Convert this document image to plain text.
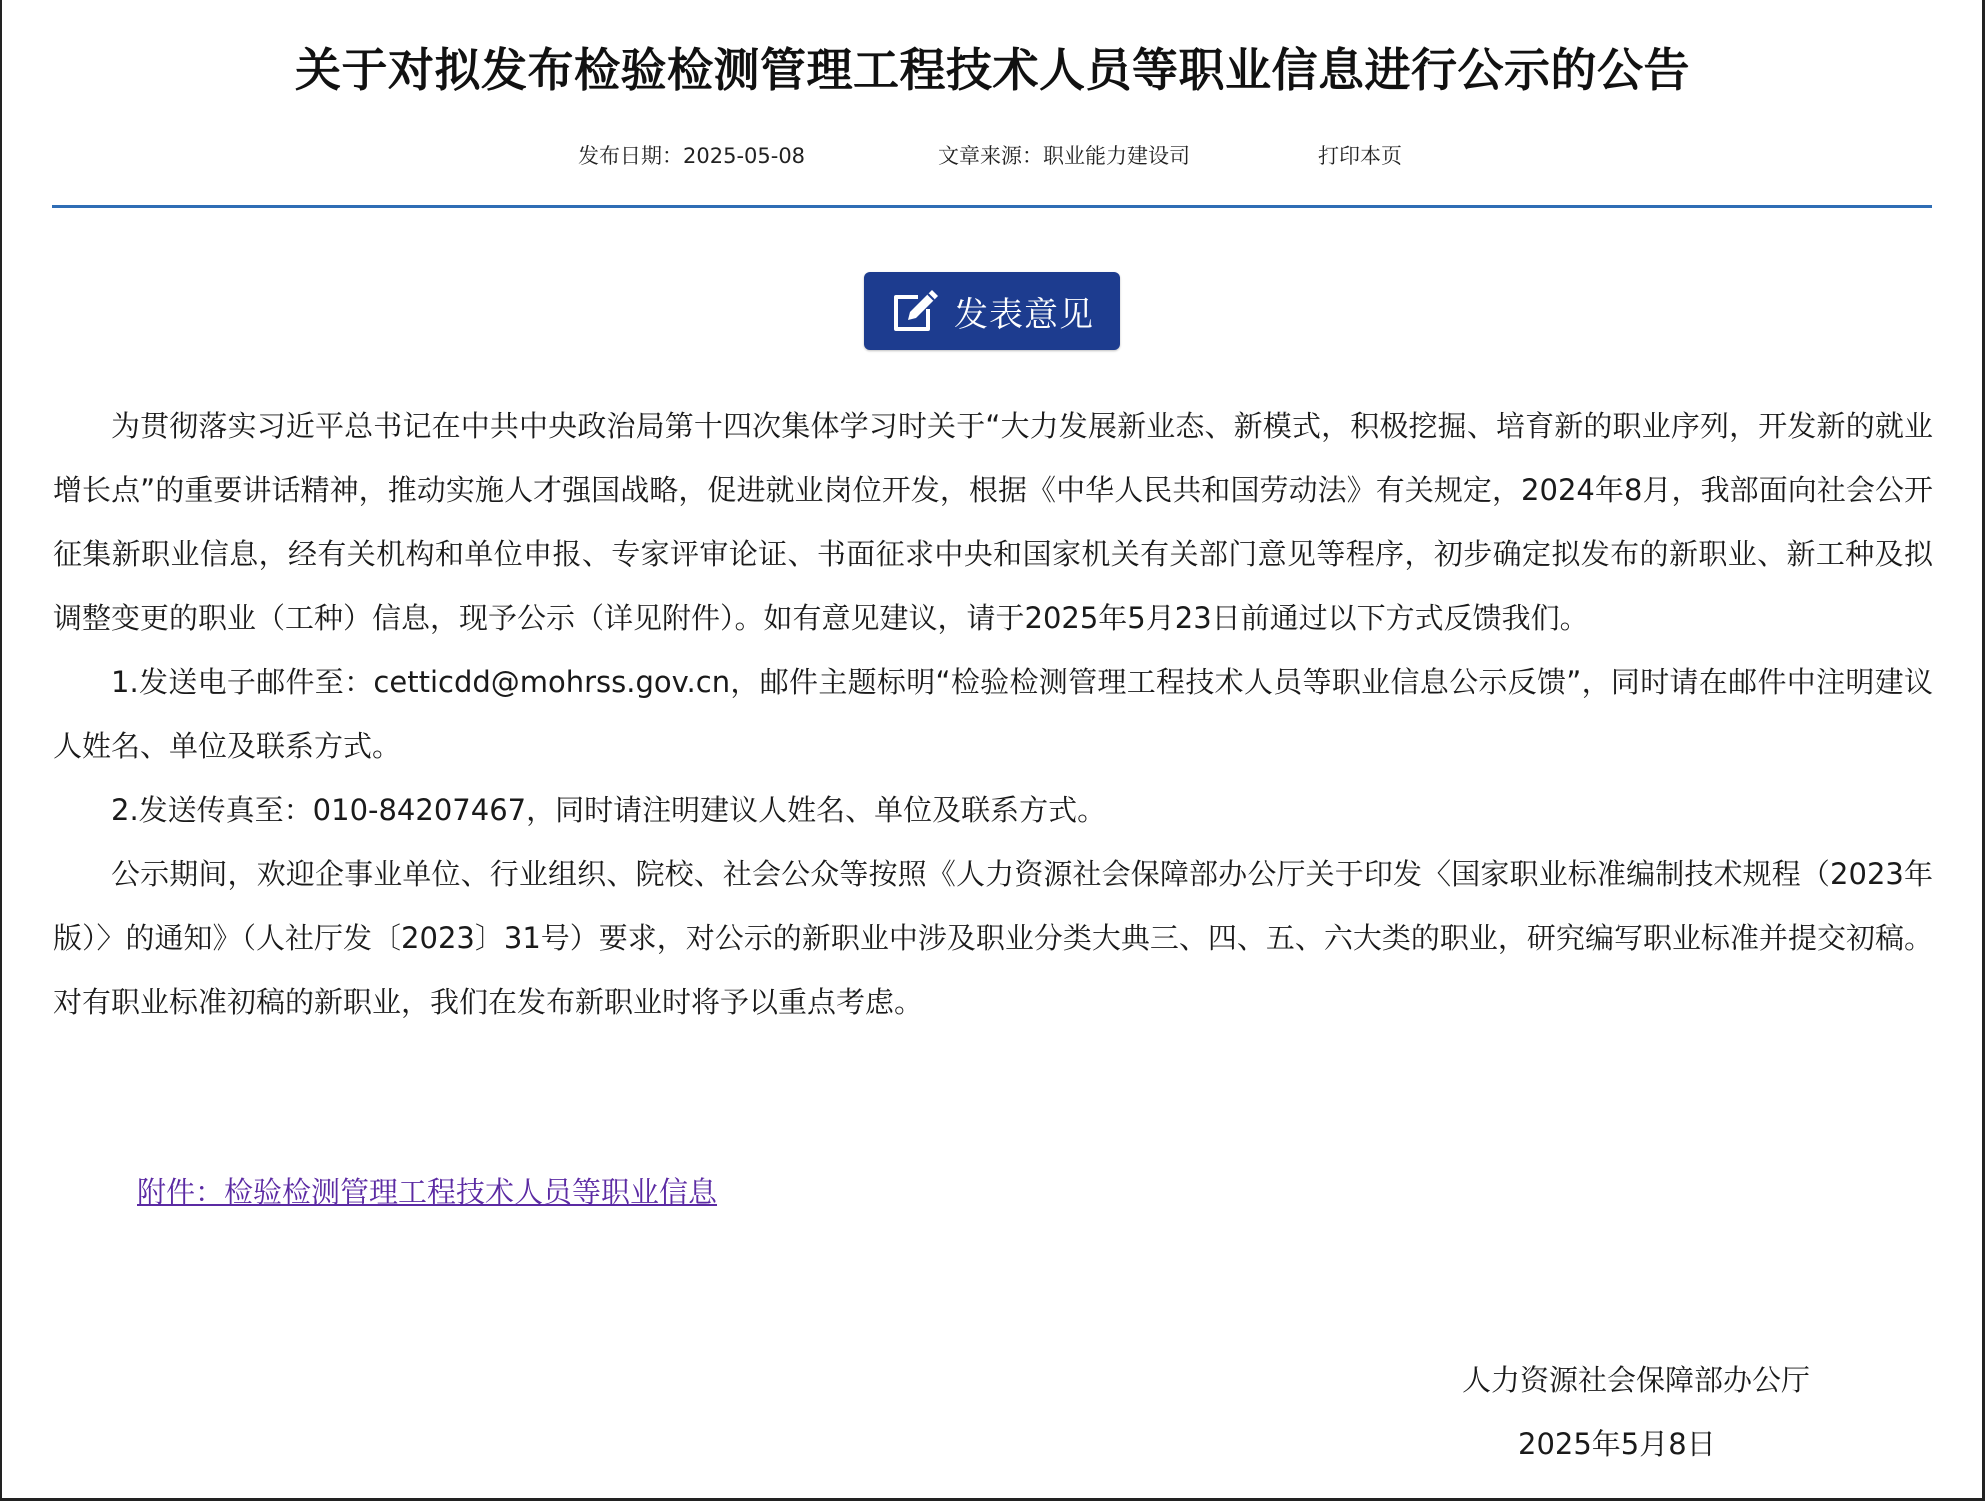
关于对拟发布检验检测管理工程技术人员等职业信息进行公示的公告
发布日期：2025-05-08	文章来源：职业能力建设司	打印本页
发表意见

为贯彻落实习近平总书记在中共中央政治局第十四次集体学习时关于“大力发展新业态、新模式，积极挖掘、培育新的职业序列，开发新的就业增长点”的重要讲话精神，推动实施人才强国战略，促进就业岗位开发，根据《中华人民共和国劳动法》有关规定，2024年8月，我部面向社会公开征集新职业信息，经有关机构和单位申报、专家评审论证、书面征求中央和国家机关有关部门意见等程序，初步确定拟发布的新职业、新工种及拟调整变更的职业（工种）信息，现予公示（详见附件）。如有意见建议，请于2025年5月23日前通过以下方式反馈我们。

1.发送电子邮件至：cetticdd@mohrss.gov.cn，邮件主题标明“检验检测管理工程技术人员等职业信息公示反馈”，同时请在邮件中注明建议人姓名、单位及联系方式。

2.发送传真至：010-84207467，同时请注明建议人姓名、单位及联系方式。

公示期间，欢迎企事业单位、行业组织、院校、社会公众等按照《人力资源社会保障部办公厅关于印发〈国家职业标准编制技术规程（2023年版）〉的通知》（人社厅发〔2023〕31号）要求，对公示的新职业中涉及职业分类大典三、四、五、六大类的职业，研究编写职业标准并提交初稿。对有职业标准初稿的新职业，我们在发布新职业时将予以重点考虑。

附件：检验检测管理工程技术人员等职业信息
人力资源社会保障部办公厅
2025年5月8日
